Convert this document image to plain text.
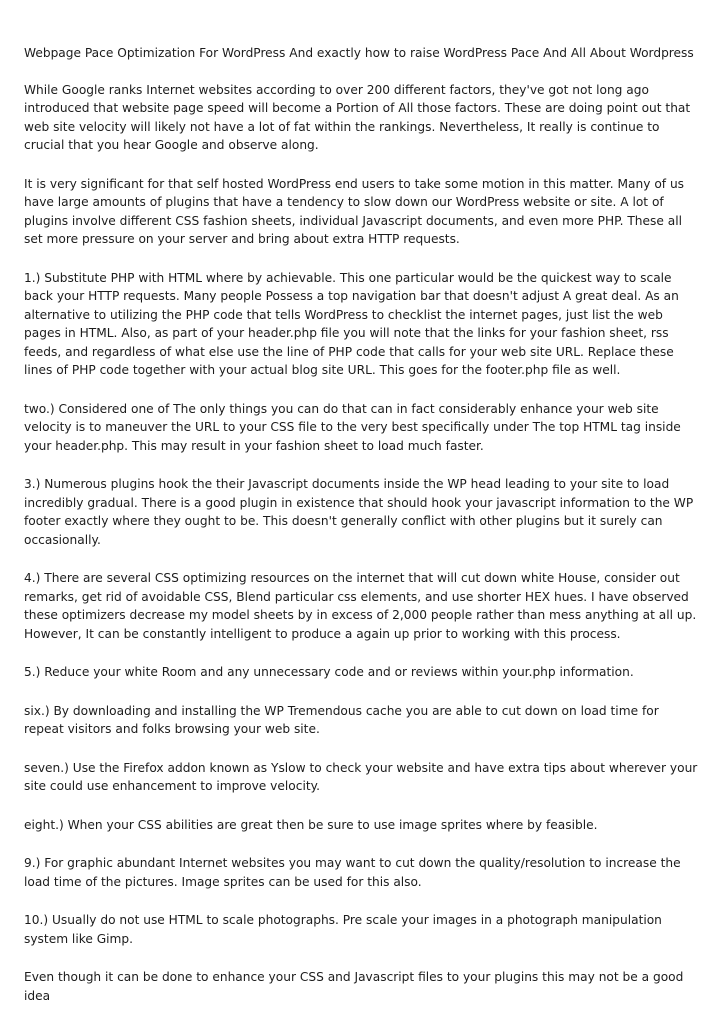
Webpage Pace Optimization For WordPress And exactly how to raise WordPress Pace And All About Wordpress

While Google ranks Internet websites according to over 200 different factors, they've got not long ago introduced that website page speed will become a Portion of All those factors. These are doing point out that web site velocity will likely not have a lot of fat within the rankings. Nevertheless, It really is continue to crucial that you hear Google and observe along.

It is very significant for that self hosted WordPress end users to take some motion in this matter. Many of us have large amounts of plugins that have a tendency to slow down our WordPress website or site. A lot of plugins involve different CSS fashion sheets, individual Javascript documents, and even more PHP. These all set more pressure on your server and bring about extra HTTP requests.

1.) Substitute PHP with HTML where by achievable. This one particular would be the quickest way to scale back your HTTP requests. Many people Possess a top navigation bar that doesn't adjust A great deal. As an alternative to utilizing the PHP code that tells WordPress to checklist the internet pages, just list the web pages in HTML. Also, as part of your header.php file you will note that the links for your fashion sheet, rss feeds, and regardless of what else use the line of PHP code that calls for your web site URL. Replace these lines of PHP code together with your actual blog site URL. This goes for the footer.php file as well.

two.) Considered one of The only things you can do that can in fact considerably enhance your web site velocity is to maneuver the URL to your CSS file to the very best specifically under The top HTML tag inside your header.php. This may result in your fashion sheet to load much faster.

3.) Numerous plugins hook the their Javascript documents inside the WP head leading to your site to load incredibly gradual. There is a good plugin in existence that should hook your javascript information to the WP footer exactly where they ought to be. This doesn't generally conflict with other plugins but it surely can occasionally.

4.) There are several CSS optimizing resources on the internet that will cut down white House, consider out remarks, get rid of avoidable CSS, Blend particular css elements, and use shorter HEX hues. I have observed these optimizers decrease my model sheets by in excess of 2,000 people rather than mess anything at all up. However, It can be constantly intelligent to produce a again up prior to working with this process.

5.) Reduce your white Room and any unnecessary code and or reviews within your.php information.

six.) By downloading and installing the WP Tremendous cache you are able to cut down on load time for repeat visitors and folks browsing your web site.

seven.) Use the Firefox addon known as Yslow to check your website and have extra tips about wherever your site could use enhancement to improve velocity.

eight.) When your CSS abilities are great then be sure to use image sprites where by feasible.

9.) For graphic abundant Internet websites you may want to cut down the quality/resolution to increase the load time of the pictures. Image sprites can be used for this also.

10.) Usually do not use HTML to scale photographs. Pre scale your images in a photograph manipulation system like Gimp.

Even though it can be done to enhance your CSS and Javascript files to your plugins this may not be a good idea
